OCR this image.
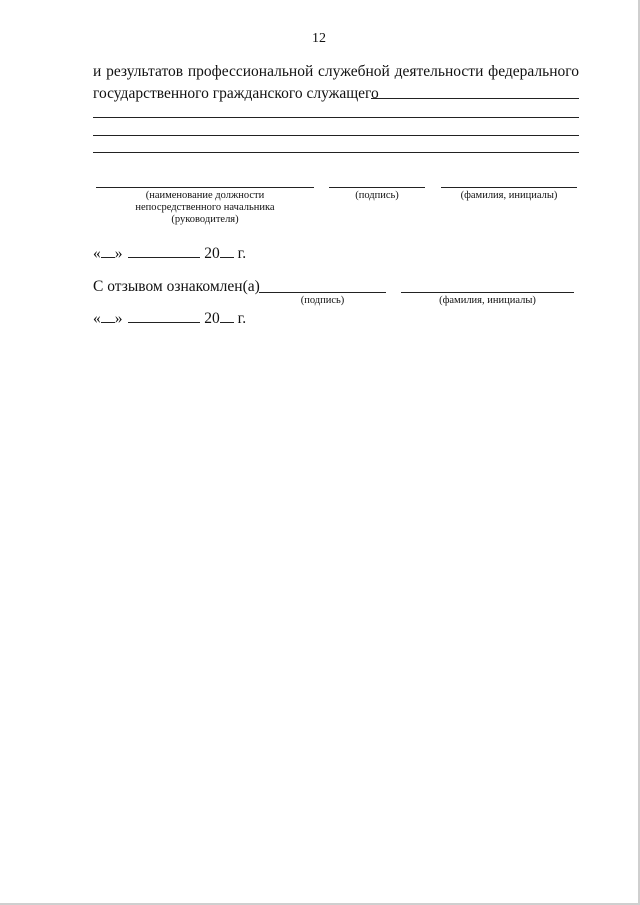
12
и результатов профессиональной служебной деятельности федерального
государственного гражданского служащего
(наименование должности
непосредственного начальника
(руководителя)
(подпись)	(фамилия, инициалы)
« »	20 г.
С отзывом ознакомлен(а)
(подпись)	(фамилия, инициалы)
« »	20 г.
